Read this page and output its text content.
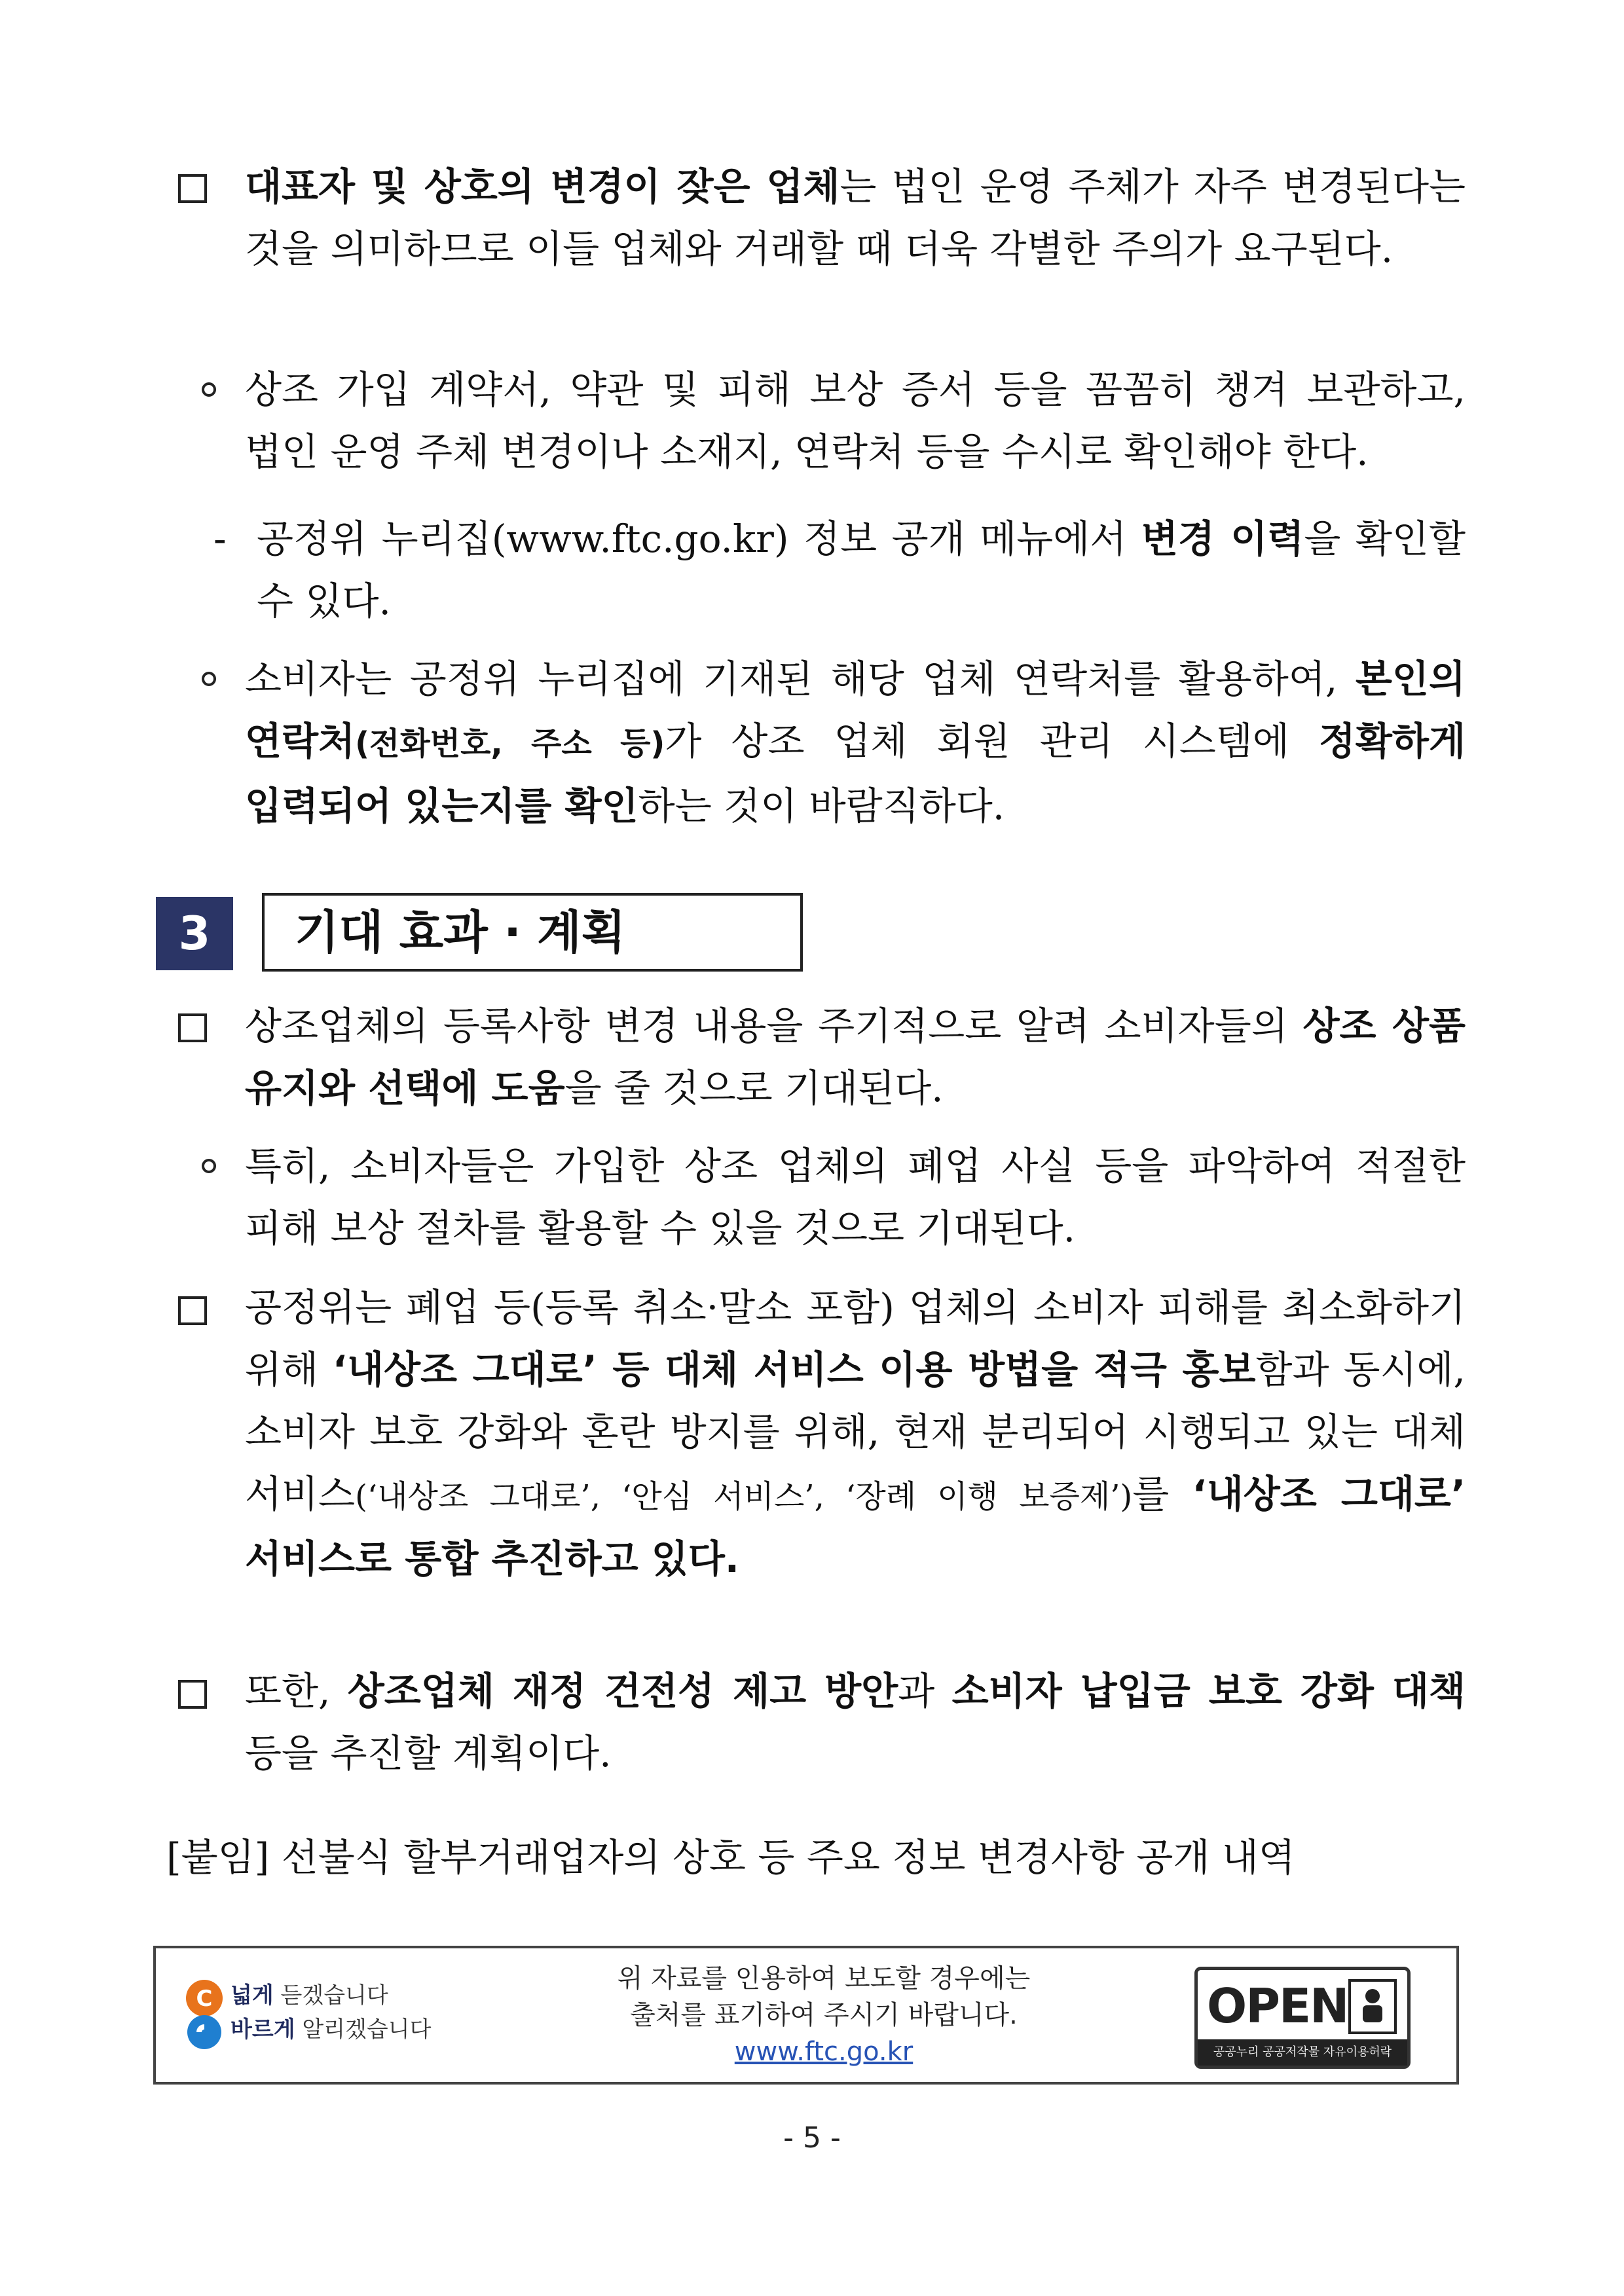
대표자 및 상호의 변경이 잦은 업체는 법인 운영 주체가 자주 변경된다는 것을 의미하므로 이들 업체와 거래할 때 더욱 각별한 주의가 요구된다.
상조 가입 계약서, 약관 및 피해 보상 증서 등을 꼼꼼히 챙겨 보관하고, 법인 운영 주체 변경이나 소재지, 연락처 등을 수시로 확인해야 한다.
- 공정위 누리집(www.ftc.go.kr) 정보 공개 메뉴에서 변경 이력을 확인할 수 있다.
소비자는 공정위 누리집에 기재된 해당 업체 연락처를 활용하여, 본인의 연락처(전화번호, 주소 등)가 상조 업체 회원 관리 시스템에 정확하게 입력되어 있는지를 확인하는 것이 바람직하다.
3	기대 효과 · 계획
상조업체의 등록사항 변경 내용을 주기적으로 알려 소비자들의 상조 상품 유지와 선택에 도움을 줄 것으로 기대된다.
특히, 소비자들은 가입한 상조 업체의 폐업 사실 등을 파악하여 적절한 피해 보상 절차를 활용할 수 있을 것으로 기대된다.
공정위는 폐업 등(등록 취소·말소 포함) 업체의 소비자 피해를 최소화하기 위해 ‘내상조 그대로’ 등 대체 서비스 이용 방법을 적극 홍보함과 동시에, 소비자 보호 강화와 혼란 방지를 위해, 현재 분리되어 시행되고 있는 대체 서비스(‘내상조 그대로’, ‘안심 서비스’, ‘장례 이행 보증제’)를 ‘내상조 그대로’ 서비스로 통합 추진하고 있다.
또한, 상조업체 재정 건전성 제고 방안과 소비자 납입금 보호 강화 대책 등을 추진할 계획이다.
[붙임] 선불식 할부거래업자의 상호 등 주요 정보 변경사항 공개 내역
C 넓게 듣겠습니다
바르게 알리겠습니다
위 자료를 인용하여 보도할 경우에는
출처를 표기하여 주시기 바랍니다.
www.ftc.go.kr
OPEN
공공누리 공공저작물 자유이용허락
- 5 -
